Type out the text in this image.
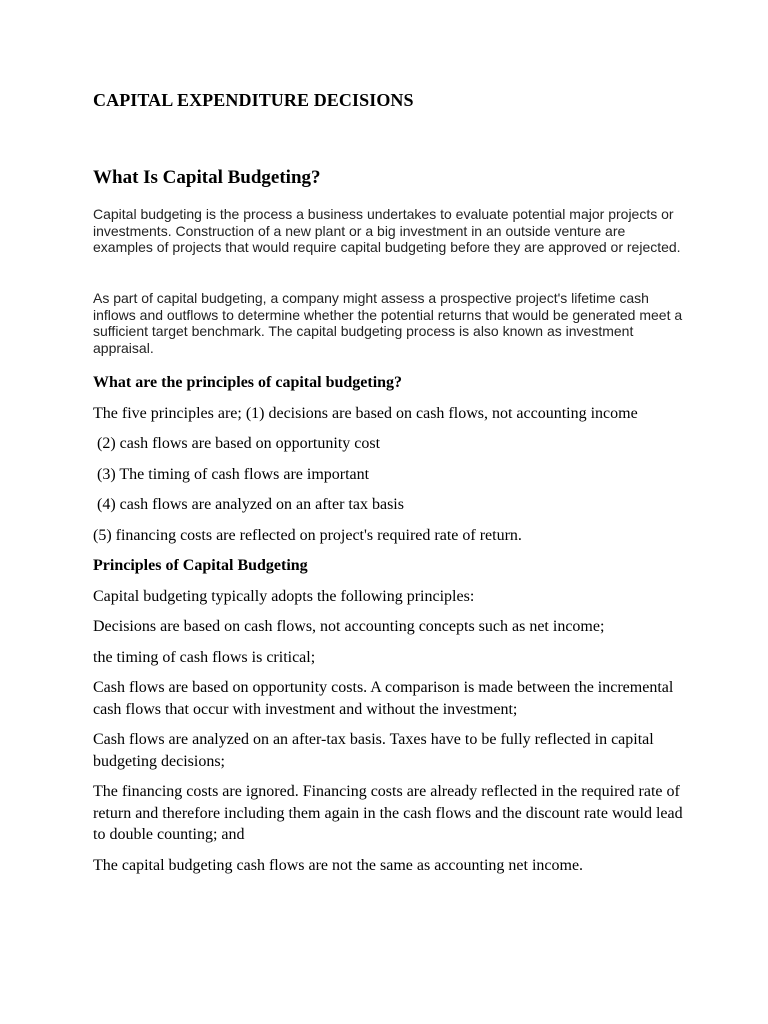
CAPITAL EXPENDITURE DECISIONS
What Is Capital Budgeting?

Capital budgeting is the process a business undertakes to evaluate potential major projects or investments. Construction of a new plant or a big investment in an outside venture are examples of projects that would require capital budgeting before they are approved or rejected.

As part of capital budgeting, a company might assess a prospective project's lifetime cash inflows and outflows to determine whether the potential returns that would be generated meet a sufficient target benchmark. The capital budgeting process is also known as investment appraisal.

What are the principles of capital budgeting?

The five principles are; (1) decisions are based on cash flows, not accounting income

(2) cash flows are based on opportunity cost

(3) The timing of cash flows are important

(4) cash flows are analyzed on an after tax basis

(5) financing costs are reflected on project's required rate of return.

Principles of Capital Budgeting

Capital budgeting typically adopts the following principles:

Decisions are based on cash flows, not accounting concepts such as net income;

the timing of cash flows is critical;

Cash flows are based on opportunity costs. A comparison is made between the incremental cash flows that occur with investment and without the investment;

Cash flows are analyzed on an after-tax basis. Taxes have to be fully reflected in capital budgeting decisions;

The financing costs are ignored. Financing costs are already reflected in the required rate of return and therefore including them again in the cash flows and the discount rate would lead to double counting; and

The capital budgeting cash flows are not the same as accounting net income.
